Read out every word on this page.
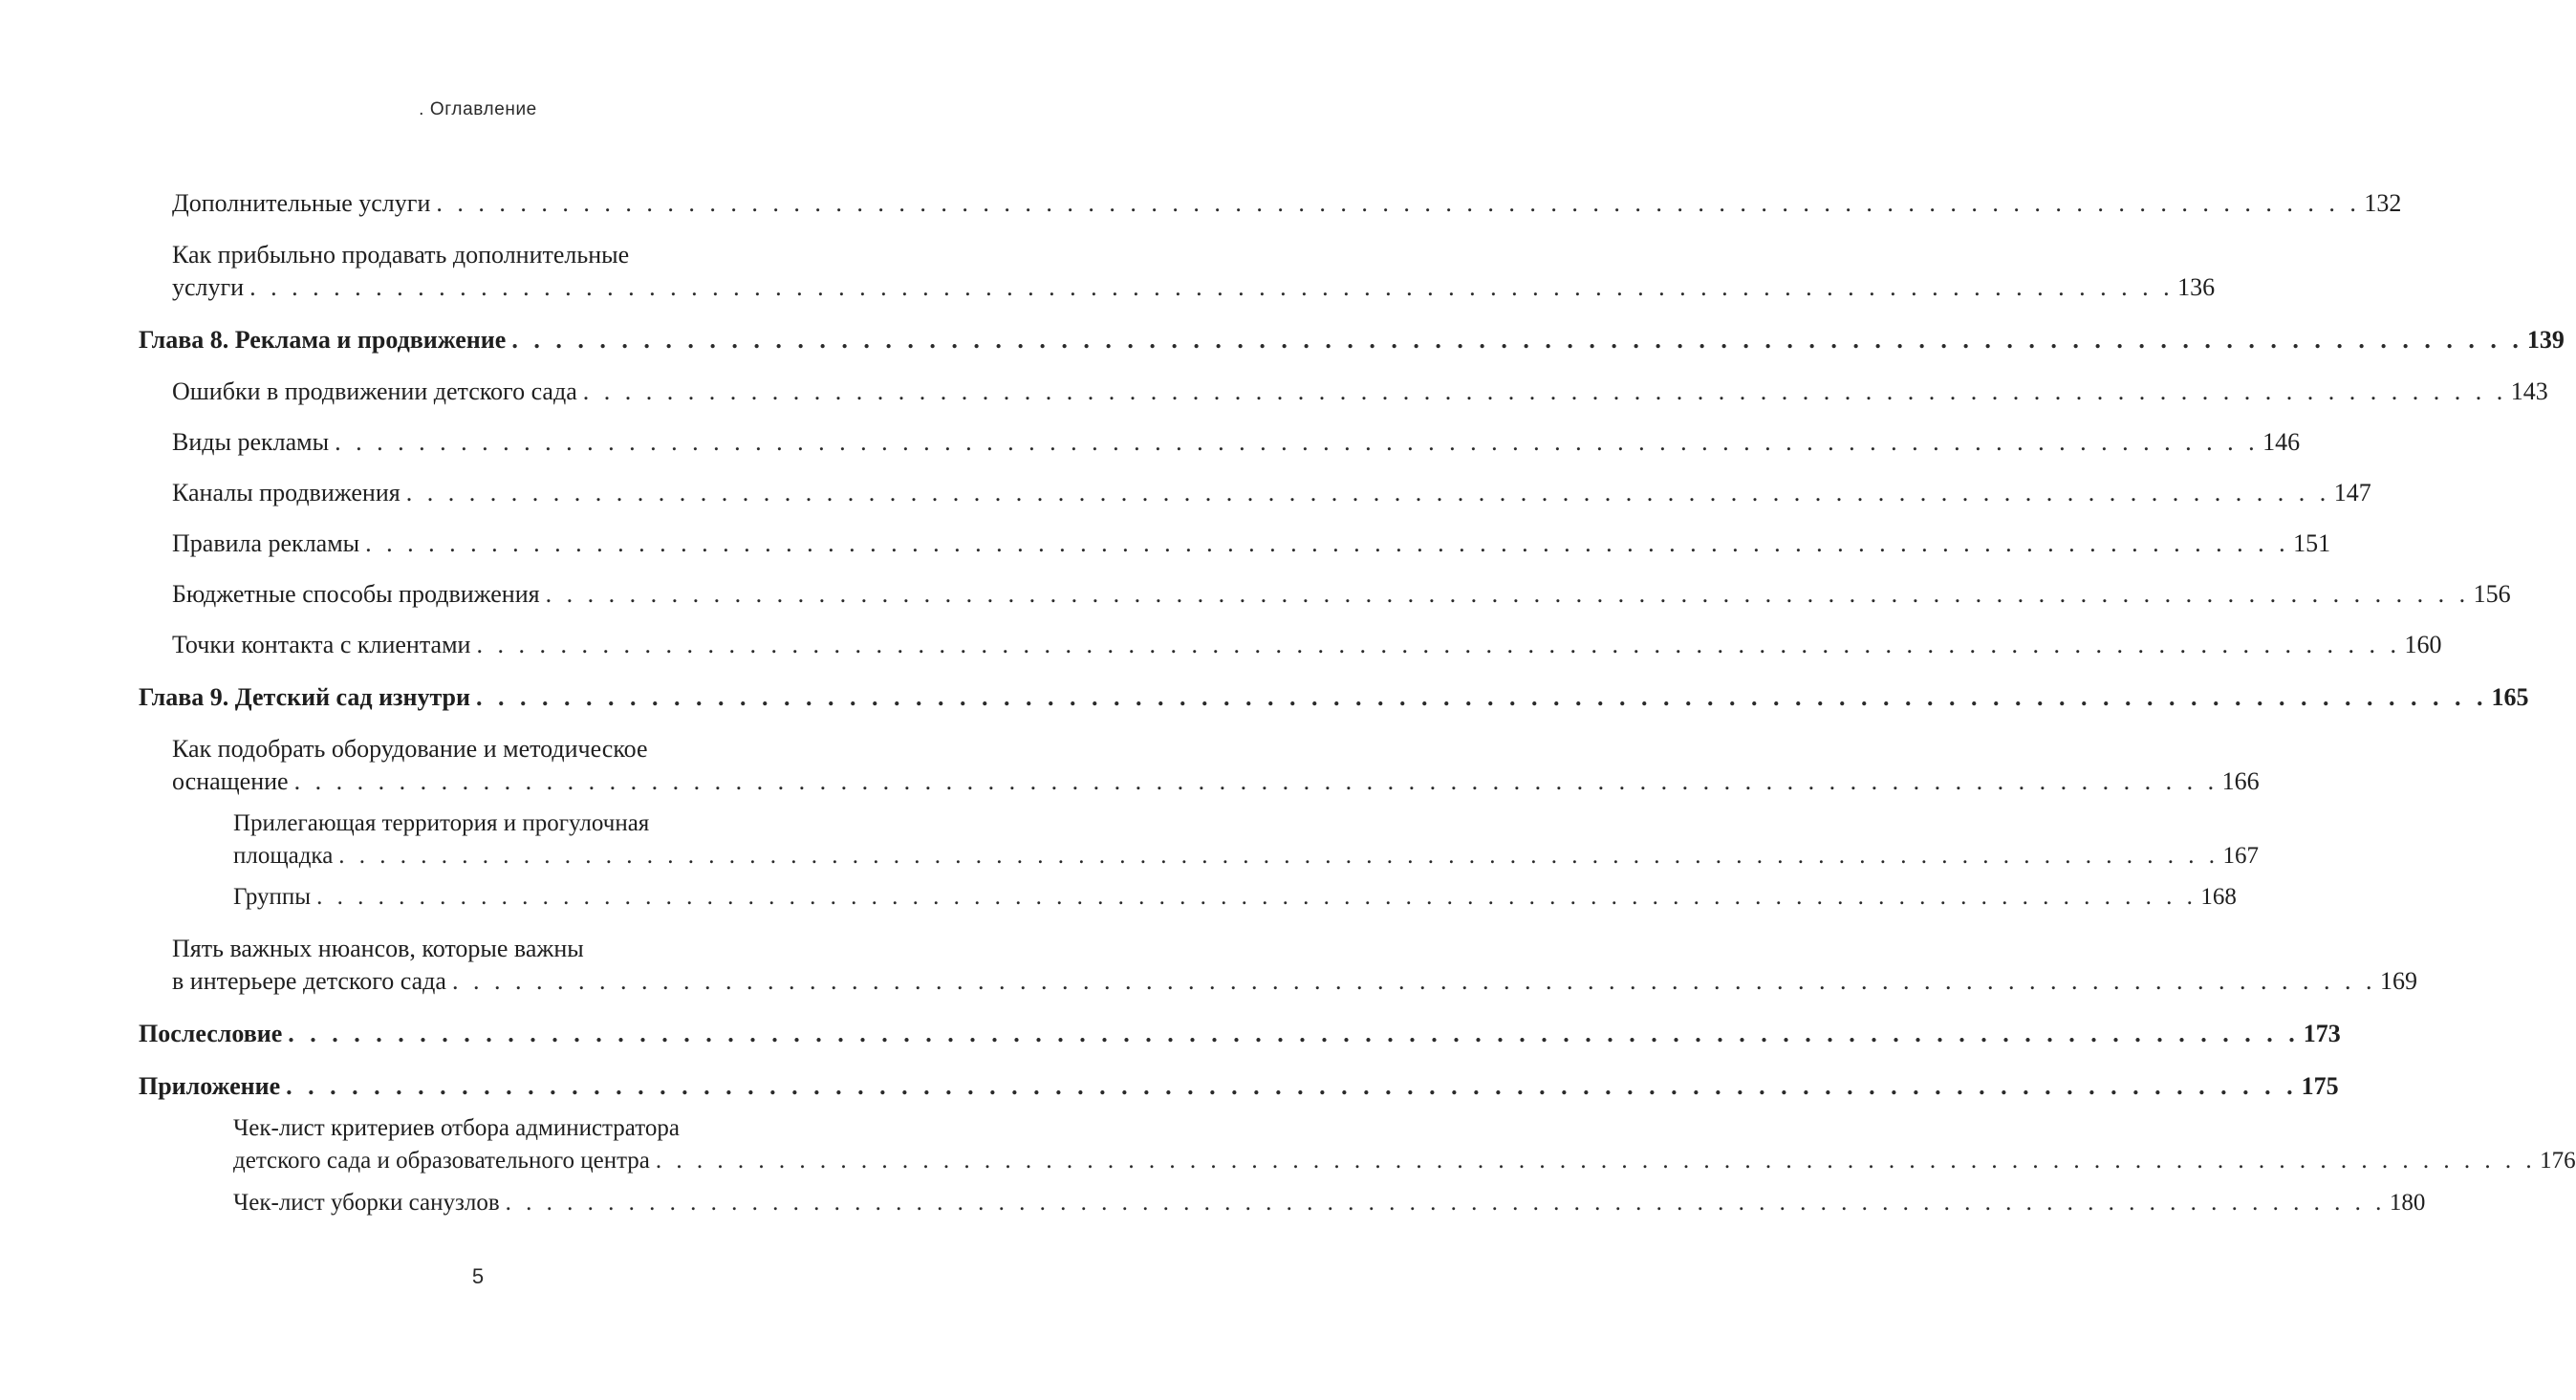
. Оглавление
Дополнительные услуги . . . . . . . . . . . . . . . . . . . . . . . . . . . . . . . . . . . . . . . . . . . . . . . . . . . . . . . . . . . . . . . . . . . . . . . . . . . . . . . . . . . . . . . . . . . . 132
Как прибыльно продавать дополнительные
услуги . . . . . . . . . . . . . . . . . . . . . . . . . . . . . . . . . . . . . . . . . . . . . . . . . . . . . . . . . . . . . . . . . . . . . . . . . . . . . . . . . . . . . . . . . . . . 136
Глава 8. Реклама и продвижение . . . . . . . . . . . . . . . . . . . . . . . . . . . . . . . . . . . . . . . . . . . . . . . . . . . . . . . . . . . . . . . . . . . . . . . . . . . . . . . . . . . . . . . . . . . . 139
Ошибки в продвижении детского сада . . . . . . . . . . . . . . . . . . . . . . . . . . . . . . . . . . . . . . . . . . . . . . . . . . . . . . . . . . . . . . . . . . . . . . . . . . . . . . . . . . . . . . . . . . . . 143
Виды рекламы . . . . . . . . . . . . . . . . . . . . . . . . . . . . . . . . . . . . . . . . . . . . . . . . . . . . . . . . . . . . . . . . . . . . . . . . . . . . . . . . . . . . . . . . . . . . 146
Каналы продвижения . . . . . . . . . . . . . . . . . . . . . . . . . . . . . . . . . . . . . . . . . . . . . . . . . . . . . . . . . . . . . . . . . . . . . . . . . . . . . . . . . . . . . . . . . . . . 147
Правила рекламы . . . . . . . . . . . . . . . . . . . . . . . . . . . . . . . . . . . . . . . . . . . . . . . . . . . . . . . . . . . . . . . . . . . . . . . . . . . . . . . . . . . . . . . . . . . . 151
Бюджетные способы продвижения . . . . . . . . . . . . . . . . . . . . . . . . . . . . . . . . . . . . . . . . . . . . . . . . . . . . . . . . . . . . . . . . . . . . . . . . . . . . . . . . . . . . . . . . . . . . 156
Точки контакта с клиентами . . . . . . . . . . . . . . . . . . . . . . . . . . . . . . . . . . . . . . . . . . . . . . . . . . . . . . . . . . . . . . . . . . . . . . . . . . . . . . . . . . . . . . . . . . . . 160
Глава 9. Детский сад изнутри . . . . . . . . . . . . . . . . . . . . . . . . . . . . . . . . . . . . . . . . . . . . . . . . . . . . . . . . . . . . . . . . . . . . . . . . . . . . . . . . . . . . . . . . . . . . 165
Как подобрать оборудование и методическое
оснащение . . . . . . . . . . . . . . . . . . . . . . . . . . . . . . . . . . . . . . . . . . . . . . . . . . . . . . . . . . . . . . . . . . . . . . . . . . . . . . . . . . . . . . . . . . . . 166
Прилегающая территория и прогулочная
площадка . . . . . . . . . . . . . . . . . . . . . . . . . . . . . . . . . . . . . . . . . . . . . . . . . . . . . . . . . . . . . . . . . . . . . . . . . . . . . . . . . . . . . . . . . . . . 167
Группы . . . . . . . . . . . . . . . . . . . . . . . . . . . . . . . . . . . . . . . . . . . . . . . . . . . . . . . . . . . . . . . . . . . . . . . . . . . . . . . . . . . . . . . . . . . . 168
Пять важных нюансов, которые важны
в интерьере детского сада . . . . . . . . . . . . . . . . . . . . . . . . . . . . . . . . . . . . . . . . . . . . . . . . . . . . . . . . . . . . . . . . . . . . . . . . . . . . . . . . . . . . . . . . . . . . 169
Послесловие . . . . . . . . . . . . . . . . . . . . . . . . . . . . . . . . . . . . . . . . . . . . . . . . . . . . . . . . . . . . . . . . . . . . . . . . . . . . . . . . . . . . . . . . . . . . 173
Приложение . . . . . . . . . . . . . . . . . . . . . . . . . . . . . . . . . . . . . . . . . . . . . . . . . . . . . . . . . . . . . . . . . . . . . . . . . . . . . . . . . . . . . . . . . . . . 175
Чек-лист критериев отбора администратора
детского сада и образовательного центра . . . . . . . . . . . . . . . . . . . . . . . . . . . . . . . . . . . . . . . . . . . . . . . . . . . . . . . . . . . . . . . . . . . . . . . . . . . . . . . . . . . . . . . . . . . . 176
Чек-лист уборки санузлов . . . . . . . . . . . . . . . . . . . . . . . . . . . . . . . . . . . . . . . . . . . . . . . . . . . . . . . . . . . . . . . . . . . . . . . . . . . . . . . . . . . . . . . . . . . . 180
5
